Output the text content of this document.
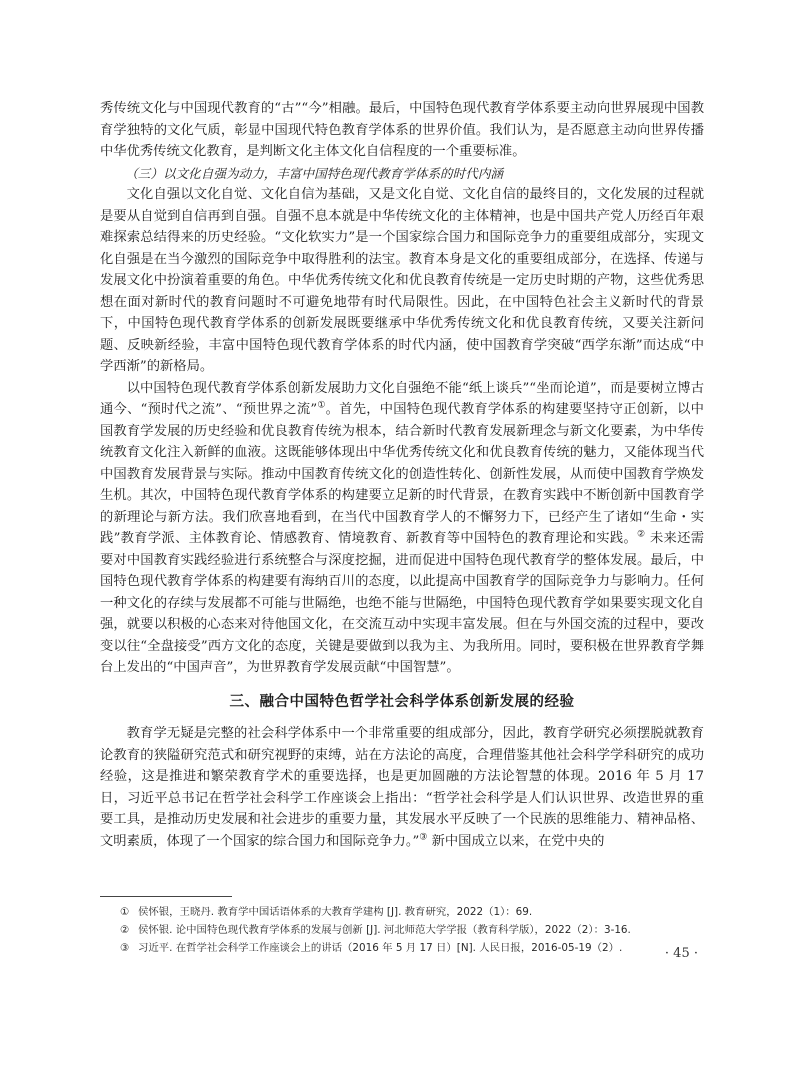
秀传统文化与中国现代教育的“古”“今”相融。最后，中国特色现代教育学体系要主动向世界展现中国教育学独特的文化气质，彰显中国现代特色教育学体系的世界价值。我们认为，是否愿意主动向世界传播中华优秀传统文化教育，是判断文化主体文化自信程度的一个重要标准。

（三）以文化自强为动力，丰富中国特色现代教育学体系的时代内涵

文化自强以文化自觉、文化自信为基础，又是文化自觉、文化自信的最终目的，文化发展的过程就是要从自觉到自信再到自强。自强不息本就是中华传统文化的主体精神，也是中国共产党人历经百年艰难探索总结得来的历史经验。“文化软实力”是一个国家综合国力和国际竞争力的重要组成部分，实现文化自强是在当今激烈的国际竞争中取得胜利的法宝。教育本身是文化的重要组成部分，在选择、传递与发展文化中扮演着重要的角色。中华优秀传统文化和优良教育传统是一定历史时期的产物，这些优秀思想在面对新时代的教育问题时不可避免地带有时代局限性。因此，在中国特色社会主义新时代的背景下，中国特色现代教育学体系的创新发展既要继承中华优秀传统文化和优良教育传统，又要关注新问题、反映新经验，丰富中国特色现代教育学体系的时代内涵，使中国教育学突破“西学东渐”而达成“中学西渐”的新格局。

以中国特色现代教育学体系创新发展助力文化自强绝不能“纸上谈兵”“坐而论道”，而是要树立博古通今、“预时代之流”、“预世界之流”①。首先，中国特色现代教育学体系的构建要坚持守正创新，以中国教育学发展的历史经验和优良教育传统为根本，结合新时代教育发展新理念与新文化要素，为中华传统教育文化注入新鲜的血液。这既能够体现出中华优秀传统文化和优良教育传统的魅力，又能体现当代中国教育发展背景与实际。推动中国教育传统文化的创造性转化、创新性发展，从而使中国教育学焕发生机。其次，中国特色现代教育学体系的构建要立足新的时代背景，在教育实践中不断创新中国教育学的新理论与新方法。我们欣喜地看到，在当代中国教育学人的不懈努力下，已经产生了诸如“生命・实践”教育学派、主体教育论、情感教育、情境教育、新教育等中国特色的教育理论和实践。② 未来还需要对中国教育实践经验进行系统整合与深度挖掘，进而促进中国特色现代教育学的整体发展。最后，中国特色现代教育学体系的构建要有海纳百川的态度，以此提高中国教育学的国际竞争力与影响力。任何一种文化的存续与发展都不可能与世隔绝，也绝不能与世隔绝，中国特色现代教育学如果要实现文化自强，就要以积极的心态来对待他国文化，在交流互动中实现丰富发展。但在与外国交流的过程中，要改变以往“全盘接受”西方文化的态度，关键是要做到以我为主、为我所用。同时，要积极在世界教育学舞台上发出的“中国声音”，为世界教育学发展贡献“中国智慧”。

三、融合中国特色哲学社会科学体系创新发展的经验

教育学无疑是完整的社会科学体系中一个非常重要的组成部分，因此，教育学研究必须摆脱就教育论教育的狭隘研究范式和研究视野的束缚，站在方法论的高度，合理借鉴其他社会科学学科研究的成功经验，这是推进和繁荣教育学术的重要选择，也是更加圆融的方法论智慧的体现。2016 年 5 月 17 日，习近平总书记在哲学社会科学工作座谈会上指出：“哲学社会科学是人们认识世界、改造世界的重要工具，是推动历史发展和社会进步的重要力量，其发展水平反映了一个民族的思维能力、精神品格、文明素质，体现了一个国家的综合国力和国际竞争力。”③ 新中国成立以来，在党中央的

① 侯怀银，王晓丹. 教育学中国话语体系的大教育学建构 [J]. 教育研究，2022（1）：69.

② 侯怀银. 论中国特色现代教育学体系的发展与创新 [J]. 河北师范大学学报（教育科学版），2022（2）：3-16.

③ 习近平. 在哲学社会科学工作座谈会上的讲话（2016 年 5 月 17 日）[N]. 人民日报，2016-05-19（2）.	· 45 ·
